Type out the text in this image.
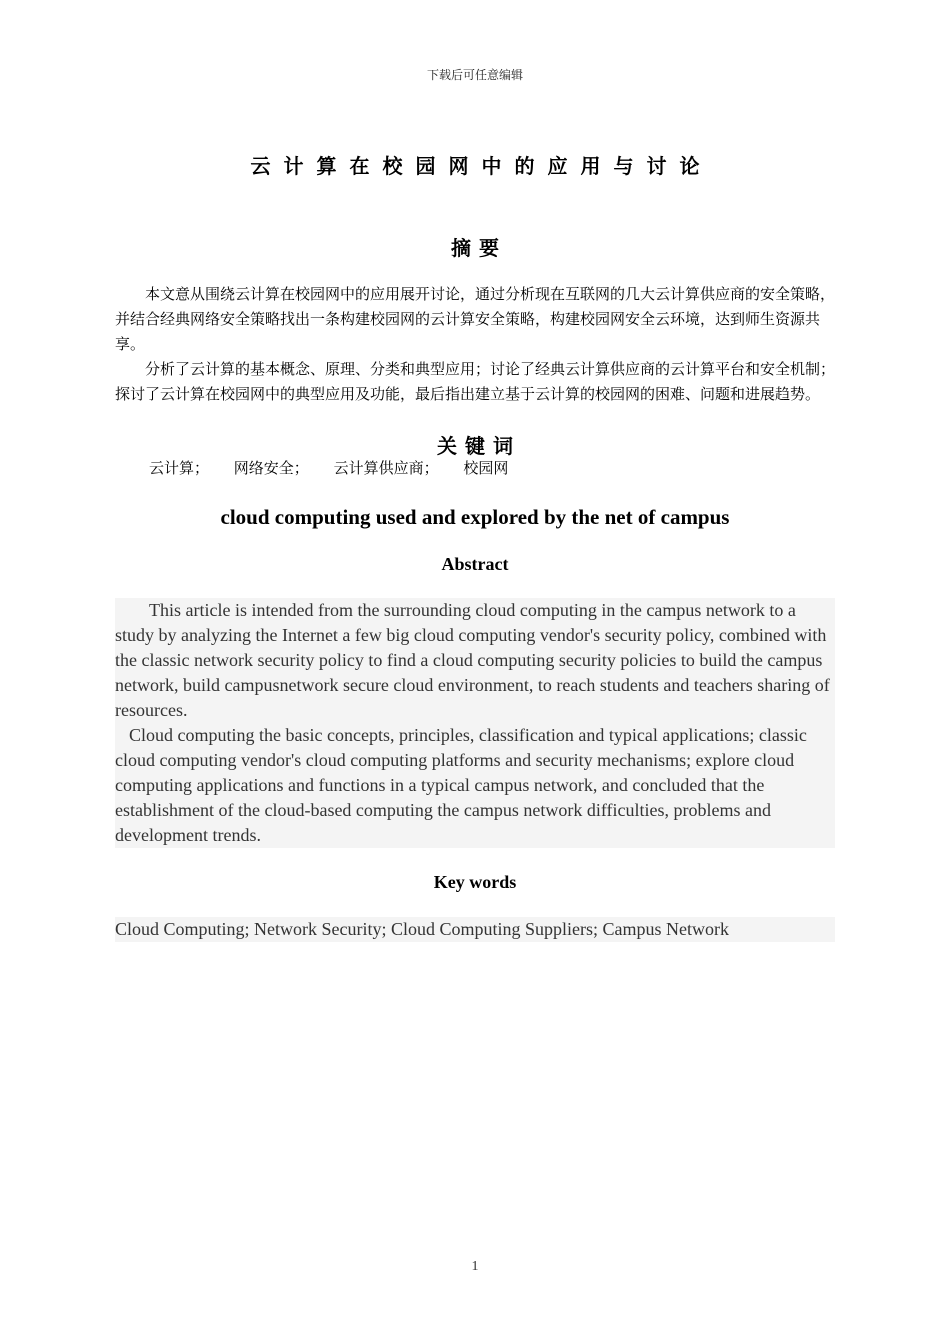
下载后可任意编辑
云计算在校园网中的应用与讨论
摘要

本文意从围绕云计算在校园网中的应用展开讨论，通过分析现在互联网的几大云计算供应商的安全策略，并结合经典网络安全策略找出一条构建校园网的云计算安全策略，构建校园网安全云环境，达到师生资源共享。

分析了云计算的基本概念、原理、分类和典型应用；讨论了经典云计算供应商的云计算平台和安全机制；探讨了云计算在校园网中的典型应用及功能，最后指出建立基于云计算的校园网的困难、问题和进展趋势。

关键词
云计算； 网络安全； 云计算供应商； 校园网
cloud computing used and explored by the net of campus
Abstract

This article is intended from the surrounding cloud computing in the campus network to a study by analyzing the Internet a few big cloud computing vendor's security policy, combined with the classic network security policy to find a cloud computing security policies to build the campus network, build campusnetwork secure cloud environment, to reach students and teachers sharing of resources.

Cloud computing the basic concepts, principles, classification and typical applications; classic cloud computing vendor's cloud computing platforms and security mechanisms; explore cloud computing applications and functions in a typical campus network, and concluded that the establishment of the cloud-based computing the campus network difficulties, problems and development trends.

Key words
Cloud Computing; Network Security; Cloud Computing Suppliers; Campus Network
1
